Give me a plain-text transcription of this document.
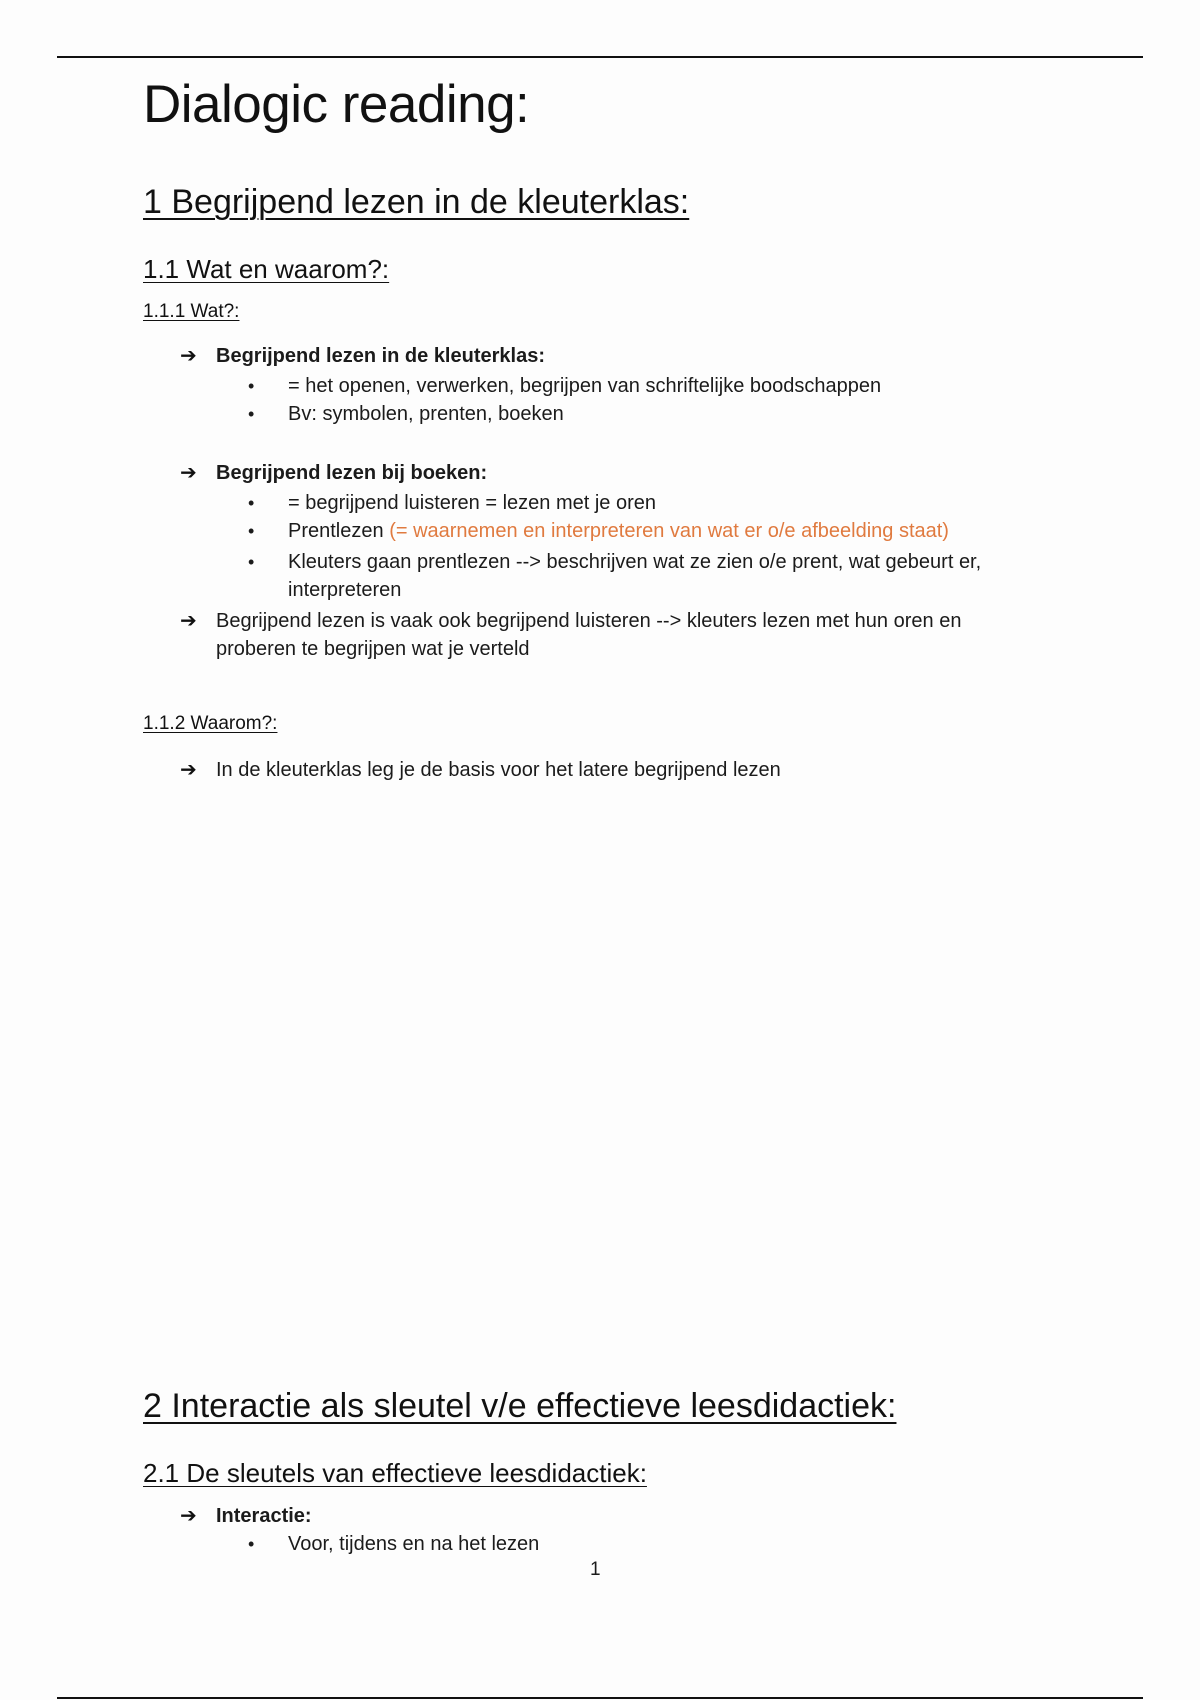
Dialogic reading:
1 Begrijpend lezen in de kleuterklas:
1.1 Wat en waarom?:
1.1.1 Wat?:
➔ Begrijpend lezen in de kleuterklas:
•	= het openen, verwerken, begrijpen van schriftelijke boodschappen
•	Bv: symbolen, prenten, boeken
➔ Begrijpend lezen bij boeken:
•	= begrijpend luisteren = lezen met je oren
•	Prentlezen (= waarnemen en interpreteren van wat er o/e afbeelding staat)
•	Kleuters gaan prentlezen --> beschrijven wat ze zien o/e prent, wat gebeurt er,
interpreteren
➔ Begrijpend lezen is vaak ook begrijpend luisteren --> kleuters lezen met hun oren en
proberen te begrijpen wat je verteld
1.1.2 Waarom?:
➔ In de kleuterklas leg je de basis voor het latere begrijpend lezen
2 Interactie als sleutel v/e effectieve leesdidactiek:
2.1 De sleutels van effectieve leesdidactiek:
➔ Interactie:
•	Voor, tijdens en na het lezen
1
